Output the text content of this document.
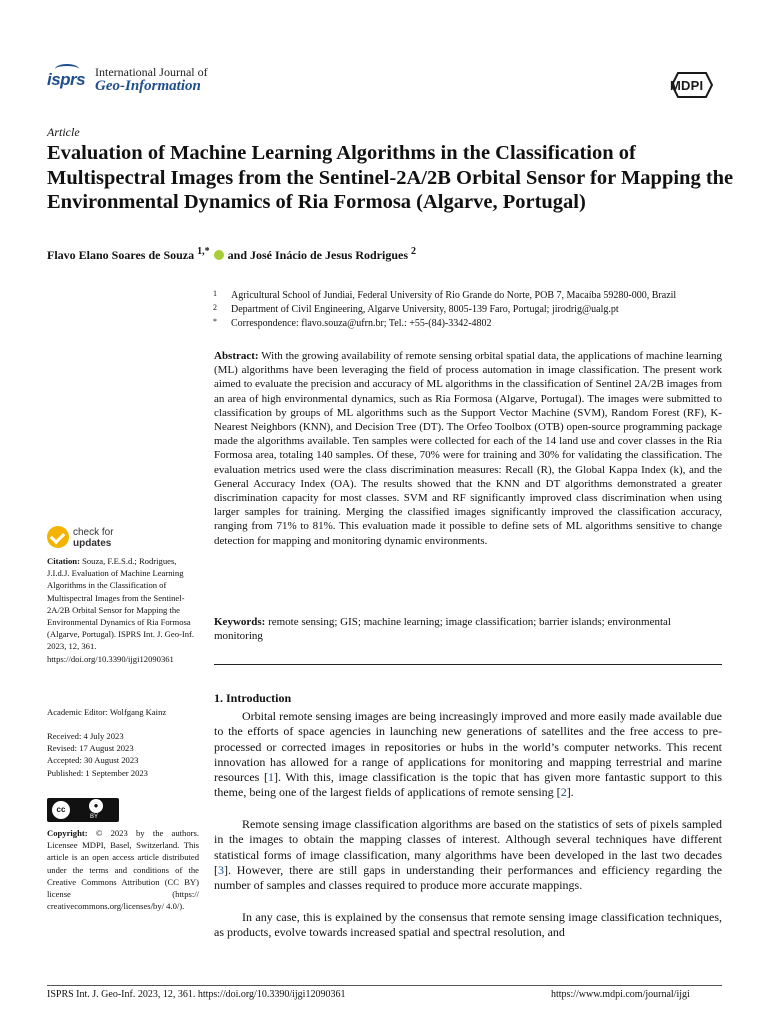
isprs International Journal of
Geo-Information	MDPI
Article
Evaluation of Machine Learning Algorithms in the Classification of Multispectral Images from the Sentinel-2A/2B Orbital Sensor for Mapping the Environmental Dynamics of Ria Formosa (Algarve, Portugal)
Flavo Elano Soares de Souza $^{1,*}$ and José Inácio de Jesus Rodrigues $^2$
1 Agricultural School of Jundiai, Federal University of Rio Grande do Norte, POB 7, Macaíba 59280-000, Brazil
2 Department of Civil Engineering, Algarve University, 8005-139 Faro, Portugal; jirodrig@ualg.pt
* Correspondence: flavo.souza@ufrn.br; Tel.: +55-(84)-3342-4802

Abstract: With the growing availability of remote sensing orbital spatial data, the applications of machine learning (ML) algorithms have been leveraging the field of process automation in image classification. The present work aimed to evaluate the precision and accuracy of ML algorithms in the classification of Sentinel 2A/2B images from an area of high environmental dynamics, such as Ria Formosa (Algarve, Portugal). The images were submitted to classification by groups of ML algorithms such as the Support Vector Machine (SVM), Random Forest (RF), K-Nearest Neighbors (KNN), and Decision Tree (DT). The Orfeo Toolbox (OTB) open-source programming package made the algorithms available. Ten samples were collected for each of the 14 land use and cover classes in the Ria Formosa area, totaling 140 samples. Of these, 70% were for training and 30% for validating the classification. The evaluation metrics used were the class discrimination measures: Recall (R), the Global Kappa Index (k), and the General Accuracy Index (OA). The results showed that the KNN and DT algorithms demonstrated a greater discrimination capacity for most classes. SVM and RF significantly improved class discrimination when using larger samples for training. Merging the classified images significantly improved the classification accuracy, ranging from 71% to 81%. This evaluation made it possible to define sets of ML algorithms sensitive to change detection for mapping and monitoring dynamic environments.

Keywords: remote sensing; GIS; machine learning; image classification; barrier islands; environmental monitoring

check for
updates

Citation: Souza, F.E.S.d.; Rodrigues, J.I.d.J. Evaluation of Machine Learning Algorithms in the Classification of Multispectral Images from the Sentinel-2A/2B Orbital Sensor for Mapping the Environmental Dynamics of Ria Formosa (Algarve, Portugal). ISPRS Int. J. Geo-Inf. 2023, 12, 361. https://doi.org/10.3390/ijgi12090361

Academic Editor: Wolfgang Kainz

Received: 4 July 2023
Revised: 17 August 2023
Accepted: 30 August 2023
Published: 1 September 2023
cc	●
BY

Copyright: © 2023 by the authors. Licensee MDPI, Basel, Switzerland. This article is an open access article distributed under the terms and conditions of the Creative Commons Attribution (CC BY) license (https:// creativecommons.org/licenses/by/ 4.0/).

1. Introduction

Orbital remote sensing images are being increasingly improved and more easily made available due to the efforts of space agencies in launching new generations of satellites and the free access to pre-processed or corrected images in repositories or hubs in the world’s computer networks. This recent innovation has allowed for a range of applications for monitoring and mapping terrestrial and marine resources [1]. With this, image classification is the topic that has given more fantastic support to this theme, being one of the largest fields of applications of remote sensing [2].

Remote sensing image classification algorithms are based on the statistics of sets of pixels sampled in the images to obtain the mapping classes of interest. Although several techniques have different statistical forms of image classification, many algorithms have been developed in the last two decades [3]. However, there are still gaps in understanding their performances and efficiency regarding the number of samples and classes required to produce more accurate mappings.

In any case, this is explained by the consensus that remote sensing image classification techniques, as products, evolve towards increased spatial and spectral resolution, and

ISPRS Int. J. Geo-Inf. 2023, 12, 361. https://doi.org/10.3390/ijgi12090361	https://www.mdpi.com/journal/ijgi
